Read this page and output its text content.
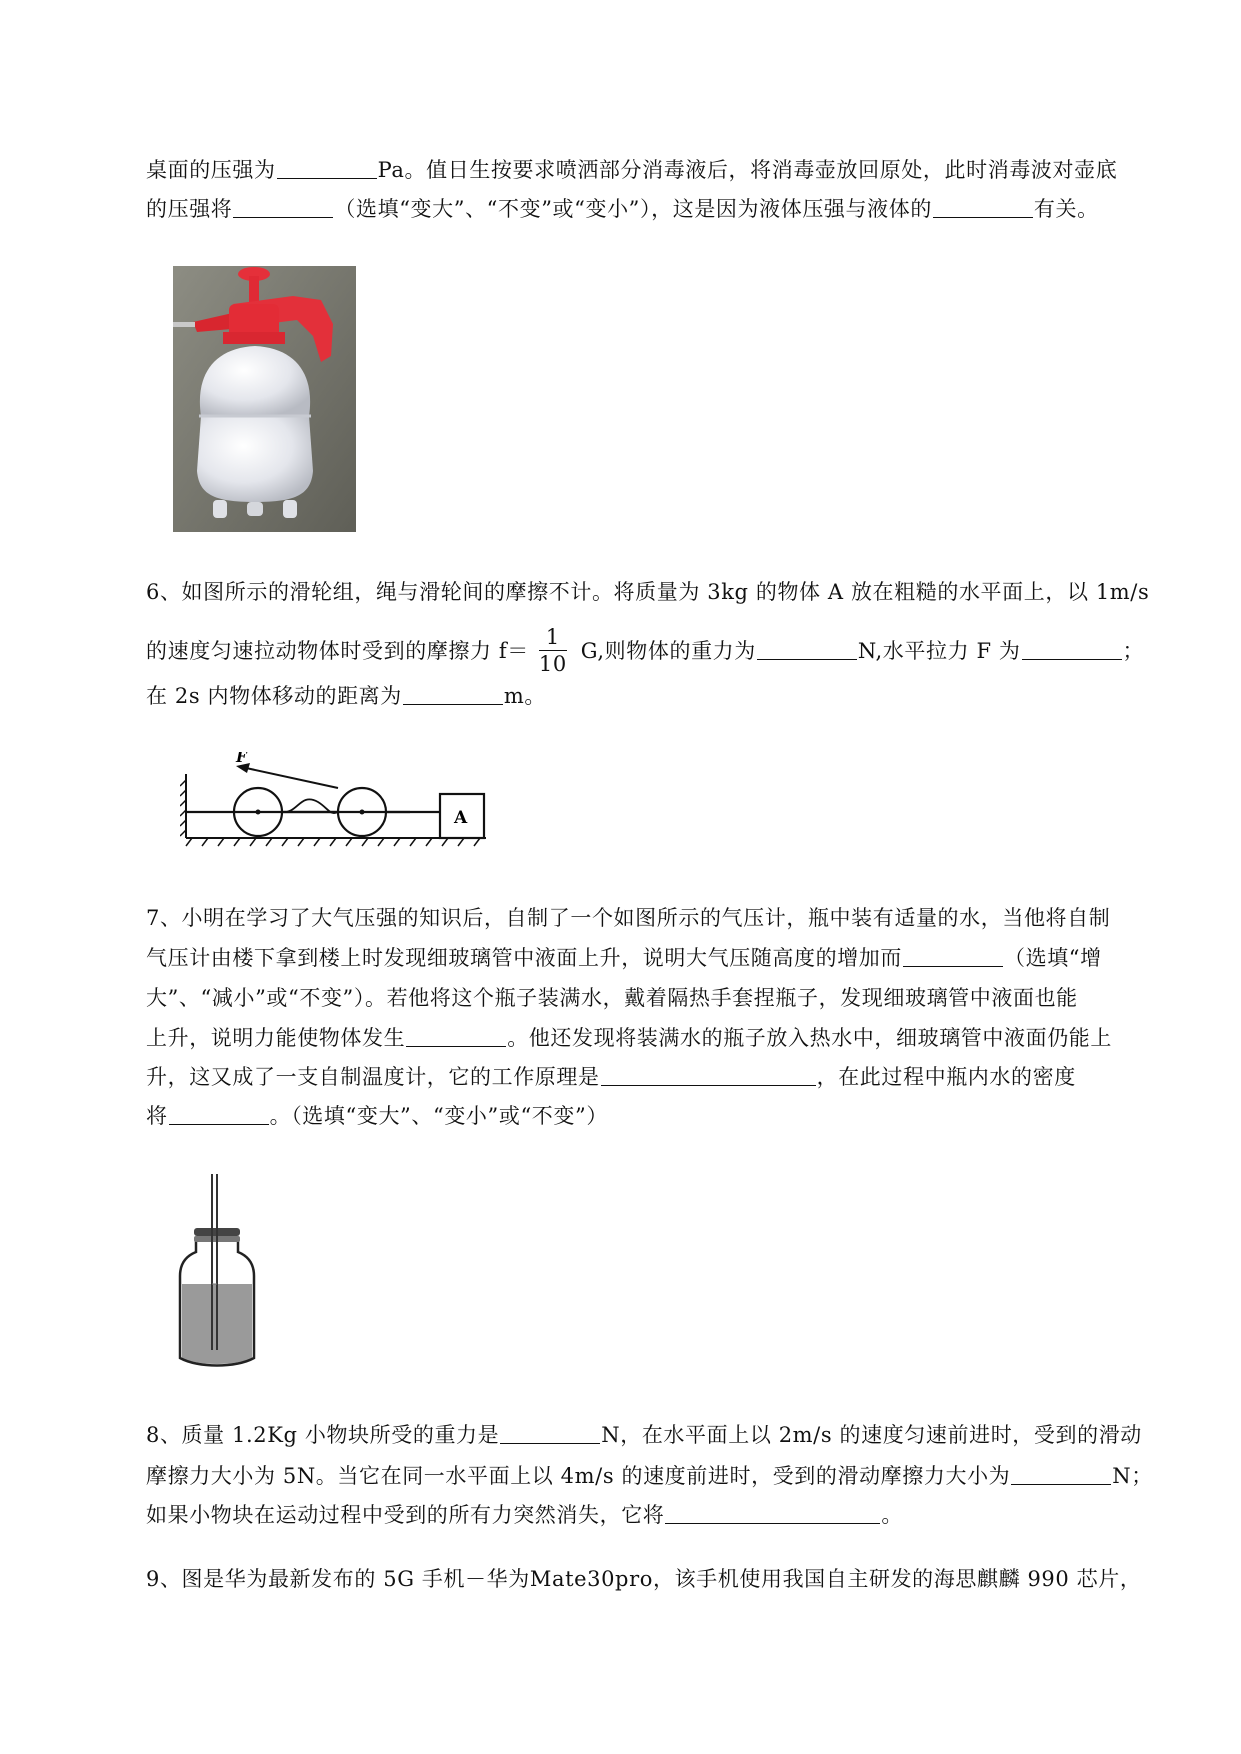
桌面的压强为	Pa。值日生按要求喷洒部分消毒液后，将消毒壶放回原处，此时消毒波对壶底
的压强将	（选填“变大”、“不变”或“变小”），这是因为液体压强与液体的	有关。
6、如图所示的滑轮组，绳与滑轮间的摩擦不计。将质量为 3kg 的物体 A 放在粗糙的水平面上，以 1m/s
的速度匀速拉动物体时受到的摩擦力 $f= \frac{1}{10} G$,则物体的重力为	N,水平拉力 F 为	；
在 2s 内物体移动的距离为	m。
F
A
7、小明在学习了大气压强的知识后，自制了一个如图所示的气压计，瓶中装有适量的水，当他将自制
气压计由楼下拿到楼上时发现细玻璃管中液面上升，说明大气压随高度的增加而	（选填“增
大”、“减小”或“不变”）。若他将这个瓶子装满水，戴着隔热手套捏瓶子，发现细玻璃管中液面也能
上升，说明力能使物体发生	。他还发现将装满水的瓶子放入热水中，细玻璃管中液面仍能上
升，这又成了一支自制温度计，它的工作原理是	，在此过程中瓶内水的密度
将	。（选填“变大”、“变小”或“不变”）
8、质量 1.2Kg 小物块所受的重力是	N，在水平面上以 2m/s 的速度匀速前进时，受到的滑动
摩擦力大小为 5N。当它在同一水平面上以 4m/s 的速度前进时，受到的滑动摩擦力大小为	N；
如果小物块在运动过程中受到的所有力突然消失，它将	。
9、图是华为最新发布的 5G 手机－华为Mate30pro，该手机使用我国自主研发的海思麒麟 990 芯片，
